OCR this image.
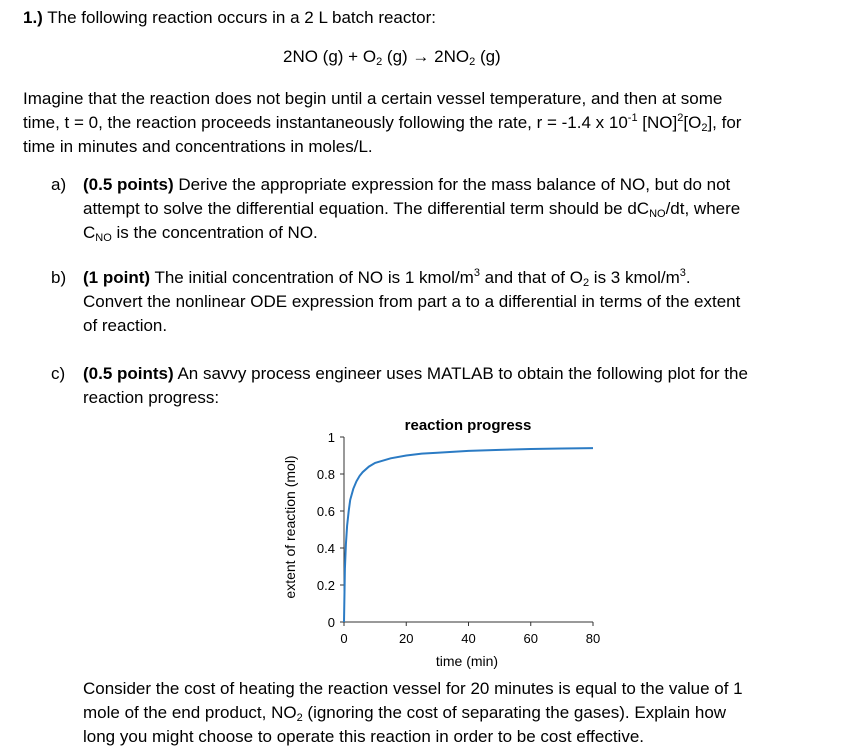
1.) The following reaction occurs in a 2 L batch reactor:
2NO $(g) + O_2$ $(g) \to 2NO_2$ (g)
Imagine that the reaction does not begin until a certain vessel temperature, and then at some
time, t = 0, the reaction proceeds instantaneously following the rate, r = -1.4 x $10^{-1}$ $[NO]^2[O_2]$, for
time in minutes and concentrations in moles/L.
a) (0.5 points) Derive the appropriate expression for the mass balance of NO, but do not
attempt to solve the differential equation. The differential term should be $dC_{NO}/dt$, where
$C_{NO}$ is the concentration of NO.
b) (1 point) The initial concentration of NO is 1 kmol/$m^3$ and that of $O_2$ is 3 kmol/$m^3$.
Convert the nonlinear ODE expression from part a to a differential in terms of the extent
of reaction.
c) (0.5 points) An savvy process engineer uses MATLAB to obtain the following plot for the
reaction progress:
reaction progress
extent of reaction (mol)
time (min)
0
0.2
0.4
0.6
0.8
1
0	20	40	60	80
Consider the cost of heating the reaction vessel for 20 minutes is equal to the value of 1
mole of the end product, $NO_2$ (ignoring the cost of separating the gases). Explain how
long you might choose to operate this reaction in order to be cost effective.
